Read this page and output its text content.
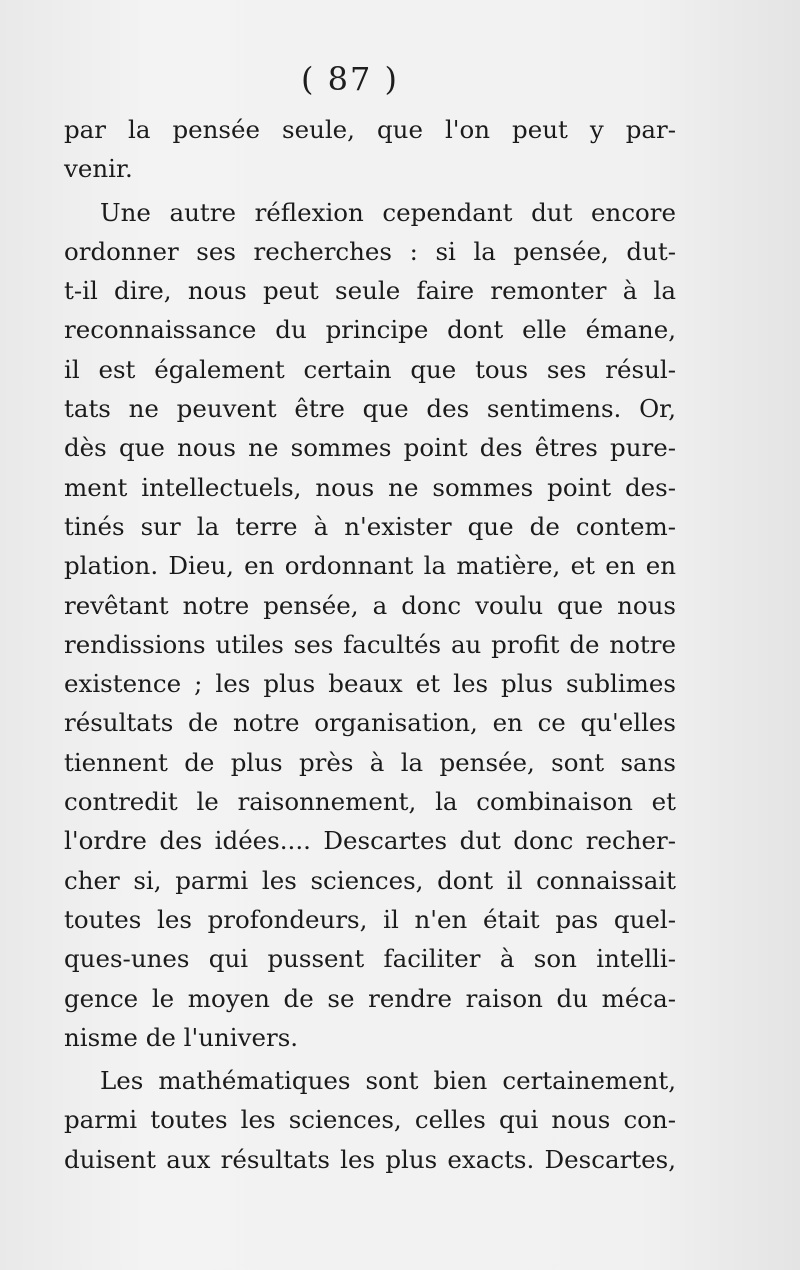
( 87 )
par la pensée seule, que l'on peut y par-
venir.
Une autre réflexion cependant dut encore
ordonner ses recherches : si la pensée, dut-
t-il dire, nous peut seule faire remonter à la
reconnaissance du principe dont elle émane,
il est également certain que tous ses résul-
tats ne peuvent être que des sentimens. Or,
dès que nous ne sommes point des êtres pure-
ment intellectuels, nous ne sommes point des-
tinés sur la terre à n'exister que de contem-
plation. Dieu, en ordonnant la matière, et en en
revêtant notre pensée, a donc voulu que nous
rendissions utiles ses facultés au profit de notre
existence ; les plus beaux et les plus sublimes
résultats de notre organisation, en ce qu'elles
tiennent de plus près à la pensée, sont sans
contredit le raisonnement, la combinaison et
l'ordre des idées.... Descartes dut donc recher-
cher si, parmi les sciences, dont il connaissait
toutes les profondeurs, il n'en était pas quel-
ques-unes qui pussent faciliter à son intelli-
gence le moyen de se rendre raison du méca-
nisme de l'univers.
Les mathématiques sont bien certainement,
parmi toutes les sciences, celles qui nous con-
duisent aux résultats les plus exacts. Descartes,
